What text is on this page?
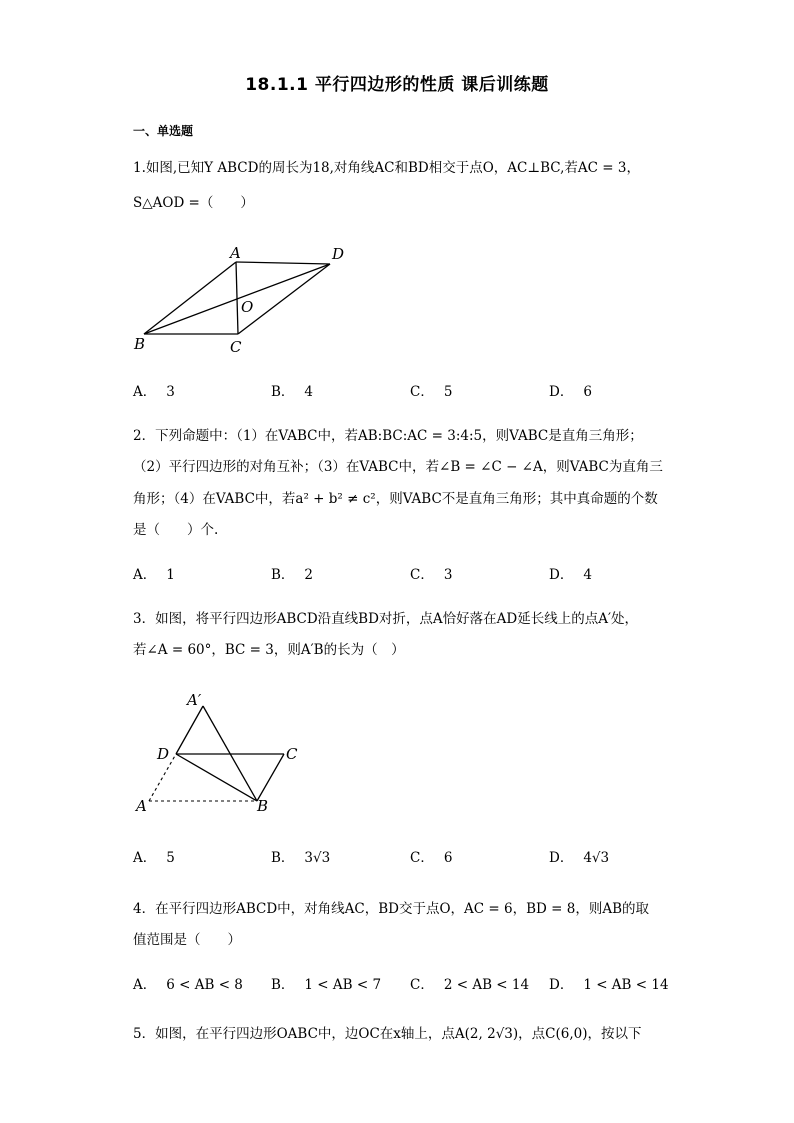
18.1.1 平行四边形的性质 课后训练题
一、单选题
1.如图,已知Y ABCD的周长为18,对角线AC和BD相交于点O，AC⊥BC,若AC = 3，
S△AOD =（　　）
A	D
O
B	C
A． 3	B． 4	C． 5	D． 6
2．下列命题中：（1）在VABC中，若AB:BC:AC = 3:4:5，则VABC是直角三角形；
（2）平行四边形的对角互补；（3）在VABC中，若∠B = ∠C − ∠A，则VABC为直角三
角形；（4）在VABC中，若a² + b² ≠ c²，则VABC不是直角三角形；其中真命题的个数
是（　　）个.
A． 1	B． 2	C． 3	D． 4
3．如图，将平行四边形ABCD沿直线BD对折，点A恰好落在AD延长线上的点A′处，
若∠A = 60°，BC = 3，则A′B的长为（　）
A′
D	C
A	B
A． 5	B． 3√3	C． 6	D． 4√3
4．在平行四边形ABCD中，对角线AC，BD交于点O，AC = 6，BD = 8，则AB的取
值范围是（　　）
A． 6 < AB < 8 B． 1 < AB < 7 C． 2 < AB < 14 D． 1 < AB < 14
5．如图，在平行四边形OABC中，边OC在x轴上，点A(2, 2√3)，点C(6,0)，按以下
